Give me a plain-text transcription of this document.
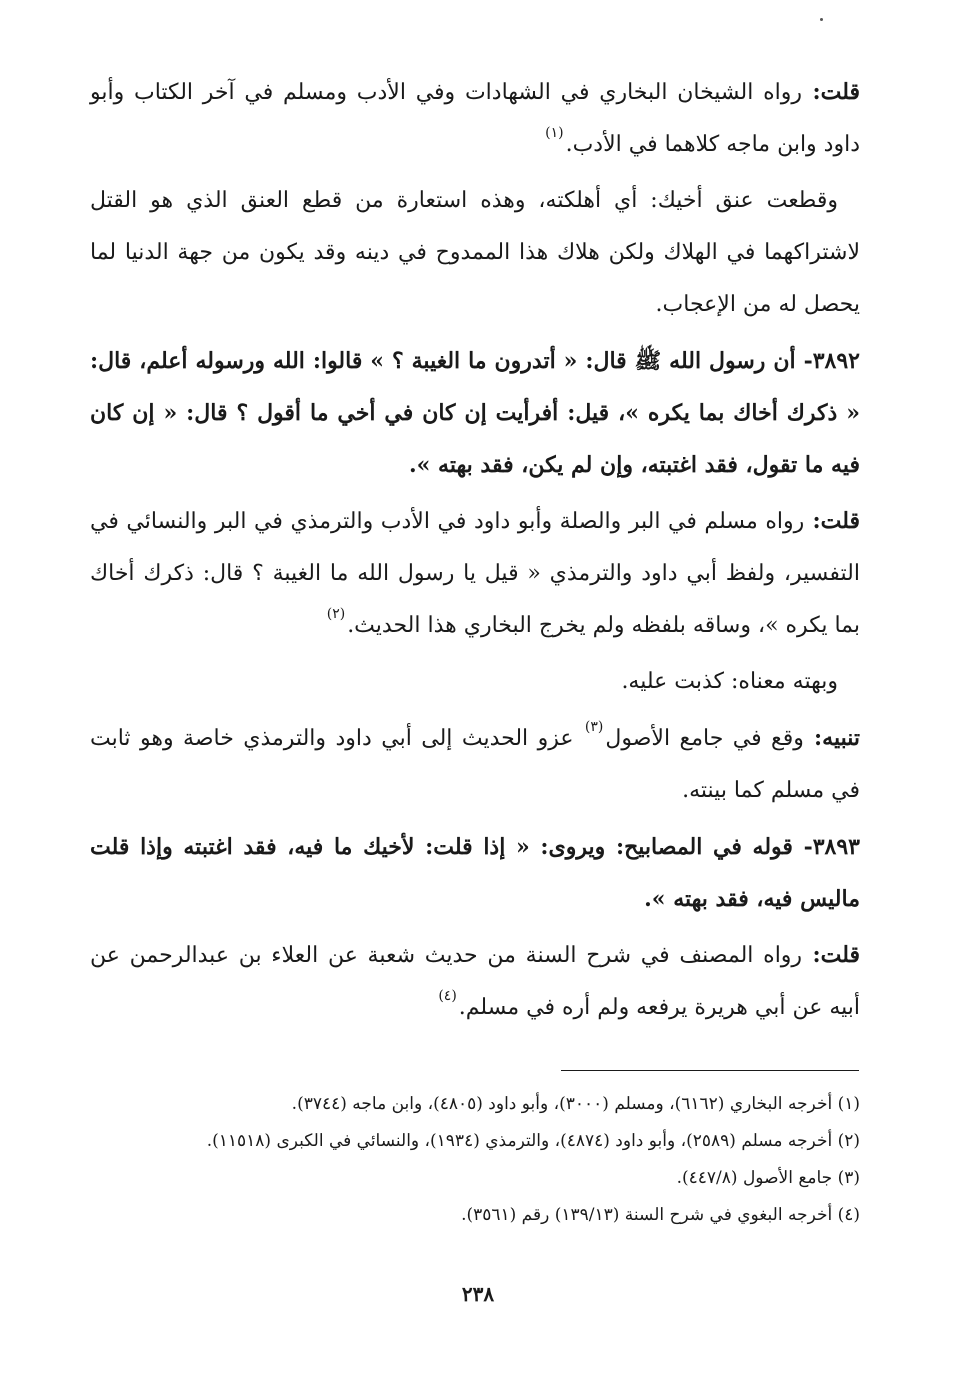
قلت: رواه الشيخان البخاري في الشهادات وفي الأدب ومسلم في آخر الكتاب وأبو داود وابن ماجه كلاهما في الأدب.$^{(١)}$

وقطعت عنق أخيك: أي أهلكته، وهذه استعارة من قطع العنق الذي هو القتل لاشتراكهما في الهلاك ولكن هلاك هذا الممدوح في دينه وقد يكون من جهة الدنيا لما يحصل له من الإعجاب.

٣٨٩٢- أن رسول الله ﷺ قال: « أتدرون ما الغيبة ؟ » قالوا: الله ورسوله أعلم، قال: « ذكرك أخاك بما يكره »، قيل: أفرأيت إن كان في أخي ما أقول ؟ قال: « إن كان فيه ما تقول، فقد اغتبته، وإن لم يكن، فقد بهته ».

قلت: رواه مسلم في البر والصلة وأبو داود في الأدب والترمذي في البر والنسائي في التفسير، ولفظ أبي داود والترمذي « قيل يا رسول الله ما الغيبة ؟ قال: ذكرك أخاك بما يكره »، وساقه بلفظه ولم يخرج البخاري هذا الحديث.$^{(٢)}$

وبهته معناه: كذبت عليه.

تنبيه: وقع في جامع الأصول$^{(٣)}$ عزو الحديث إلى أبي داود والترمذي خاصة وهو ثابت في مسلم كما بينته.

٣٨٩٣- قوله في المصابيح: ويروى: « إذا قلت: لأخيك ما فيه، فقد اغتبته وإذا قلت ماليس فيه، فقد بهته ».

قلت: رواه المصنف في شرح السنة من حديث شعبة عن العلاء بن عبدالرحمن عن أبيه عن أبي هريرة يرفعه ولم أره في مسلم.$^{(٤)}$

(١) أخرجه البخاري (٦١٦٢)، ومسلم (٣٠٠٠)، وأبو داود (٤٨٠٥)، وابن ماجه (٣٧٤٤).
(٢) أخرجه مسلم (٢٥٨٩)، وأبو داود (٤٨٧٤)، والترمذي (١٩٣٤)، والنسائي في الكبرى (١١٥١٨).
(٣) جامع الأصول (٤٤٧/٨).
(٤) أخرجه البغوي في شرح السنة (١٣٩/١٣) رقم (٣٥٦١).
٢٣٨
